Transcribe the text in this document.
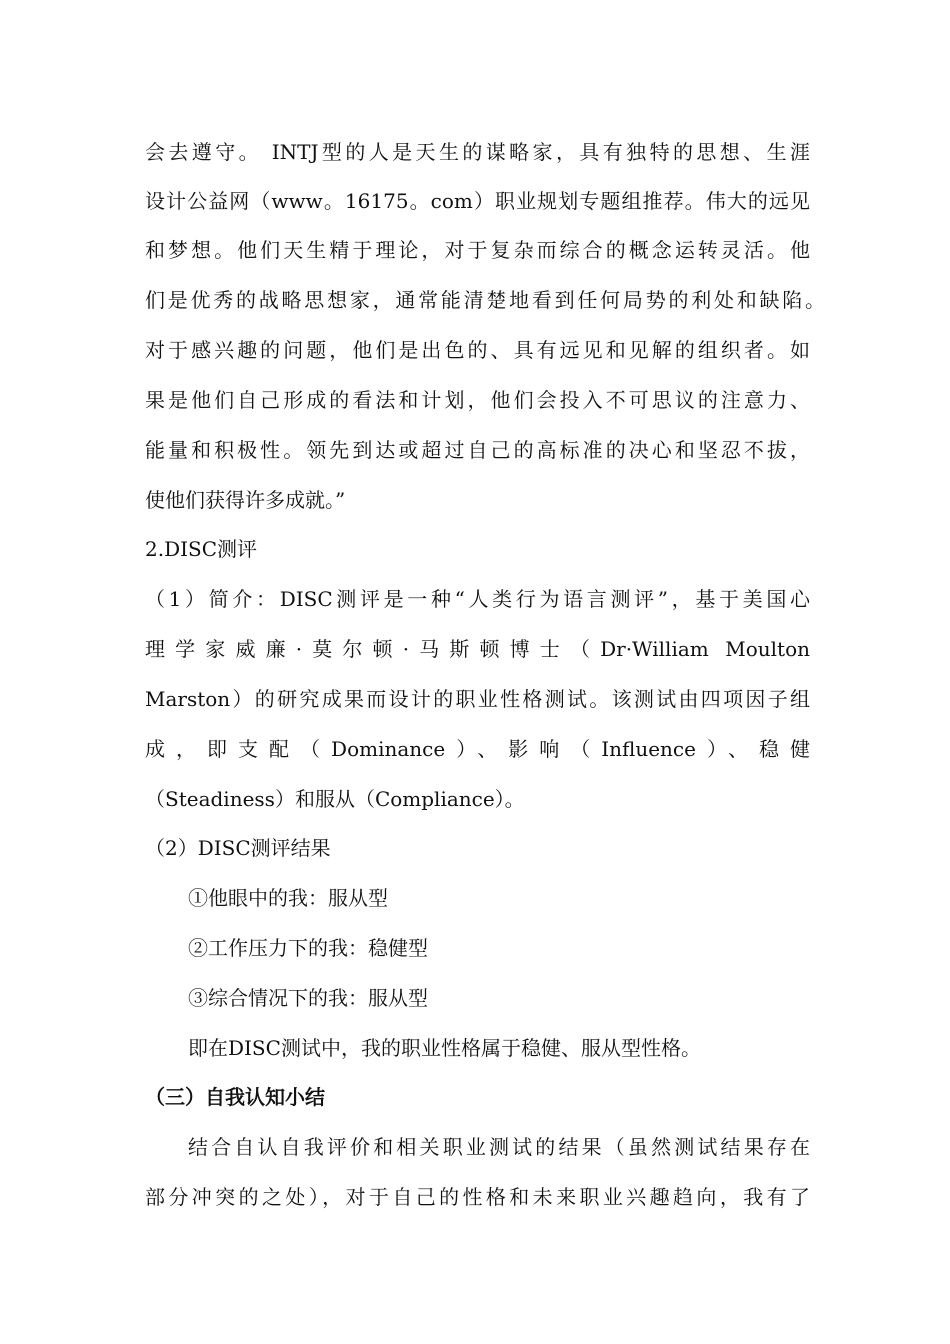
会去遵守。 INTJ型的人是天生的谋略家，具有独特的思想、生涯
设计公益网（www。16175。com）职业规划专题组推荐。伟大的远见
和梦想。他们天生精于理论，对于复杂而综合的概念运转灵活。他
们是优秀的战略思想家，通常能清楚地看到任何局势的利处和缺陷。
对于感兴趣的问题，他们是出色的、具有远见和见解的组织者。如
果是他们自己形成的看法和计划，他们会投入不可思议的注意力、
能量和积极性。领先到达或超过自己的高标准的决心和坚忍不拔，
使他们获得许多成就。”
2.DISC测评
（1）简介：DISC测评是一种“人类行为语言测评”，基于美国心
理学家威廉·莫尔顿·马斯顿博士（Dr·William Moulton
Marston）的研究成果而设计的职业性格测试。该测试由四项因子组
成，即支配（Dominance）、影响（Influence）、稳健
（Steadiness）和服从（Compliance）。
（2）DISC测评结果
①他眼中的我：服从型
②工作压力下的我：稳健型
③综合情况下的我：服从型
即在DISC测试中，我的职业性格属于稳健、服从型性格。
（三）自我认知小结
结合自认自我评价和相关职业测试的结果（虽然测试结果存在
部分冲突的之处），对于自己的性格和未来职业兴趣趋向，我有了
